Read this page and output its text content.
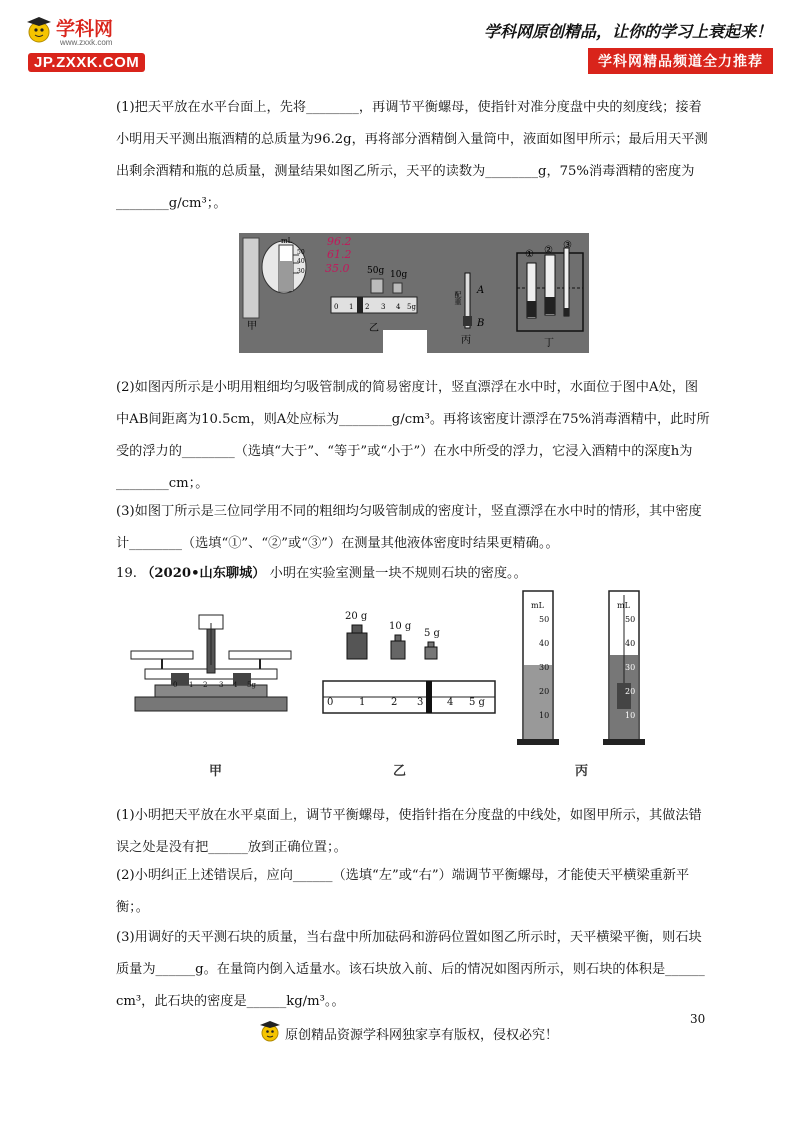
学科网
www.zxxk.com
JP.ZXXK.COM
学科网原创精品，让你的学习上衰起来！
学科网精品频道全力推荐

(1)把天平放在水平台面上，先将________，再调节平衡螺母，使指针对准分度盘中央的刻度线；接着小明用天平测出瓶酒精的总质量为96.2g，再将部分酒精倒入量筒中，液面如图甲所示；最后用天平测出剩余酒精和瓶的总质量，测量结果如图乙所示，天平的读数为________g，75%消毒酒精的密度为________g/cm³；。

甲	乙
丙	丁
96.2
61.2
35.0
mL
50
40
30	50g 10g
0 1 2 3 4 5g
A
B
配重
① ② ③

(2)如图丙所示是小明用粗细均匀吸管制成的简易密度计，竖直漂浮在水中时，水面位于图中A处，图中AB间距离为10.5cm，则A处应标为________g/cm³。再将该密度计漂浮在75%消毒酒精中，此时所受的浮力的________（选填“大于”、“等于”或“小于”）在水中所受的浮力，它浸入酒精中的深度h为________cm；。

(3)如图丁所示是三位同学用不同的粗细均匀吸管制成的密度计，竖直漂浮在水中时的情形，其中密度计________（选填“①”、“②”或“③”）在测量其他液体密度时结果更精确。。

19. （2020•山东聊城） 小明在实验室测量一块不规则石块的密度。。
20 g
10 g
5 g
0	1	2 3 4 5 g
0 1 2 3 4 5g
mL
50
40
30
20
10
mL
50
40
30
20
10
甲	乙	丙

(1)小明把天平放在水平桌面上，调节平衡螺母，使指针指在分度盘的中线处，如图甲所示，其做法错误之处是没有把______放到正确位置；。

(2)小明纠正上述错误后，应向______（选填“左”或“右”）端调节平衡螺母，才能使天平横梁重新平衡；。

(3)用调好的天平测石块的质量，当右盘中所加砝码和游码位置如图乙所示时，天平横梁平衡，则石块质量为______g。在量筒内倒入适量水。该石块放入前、后的情况如图丙所示，则石块的体积是______ cm³，此石块的密度是______kg/m³。。

30
原创精品资源学科网独家享有版权，侵权必究！
